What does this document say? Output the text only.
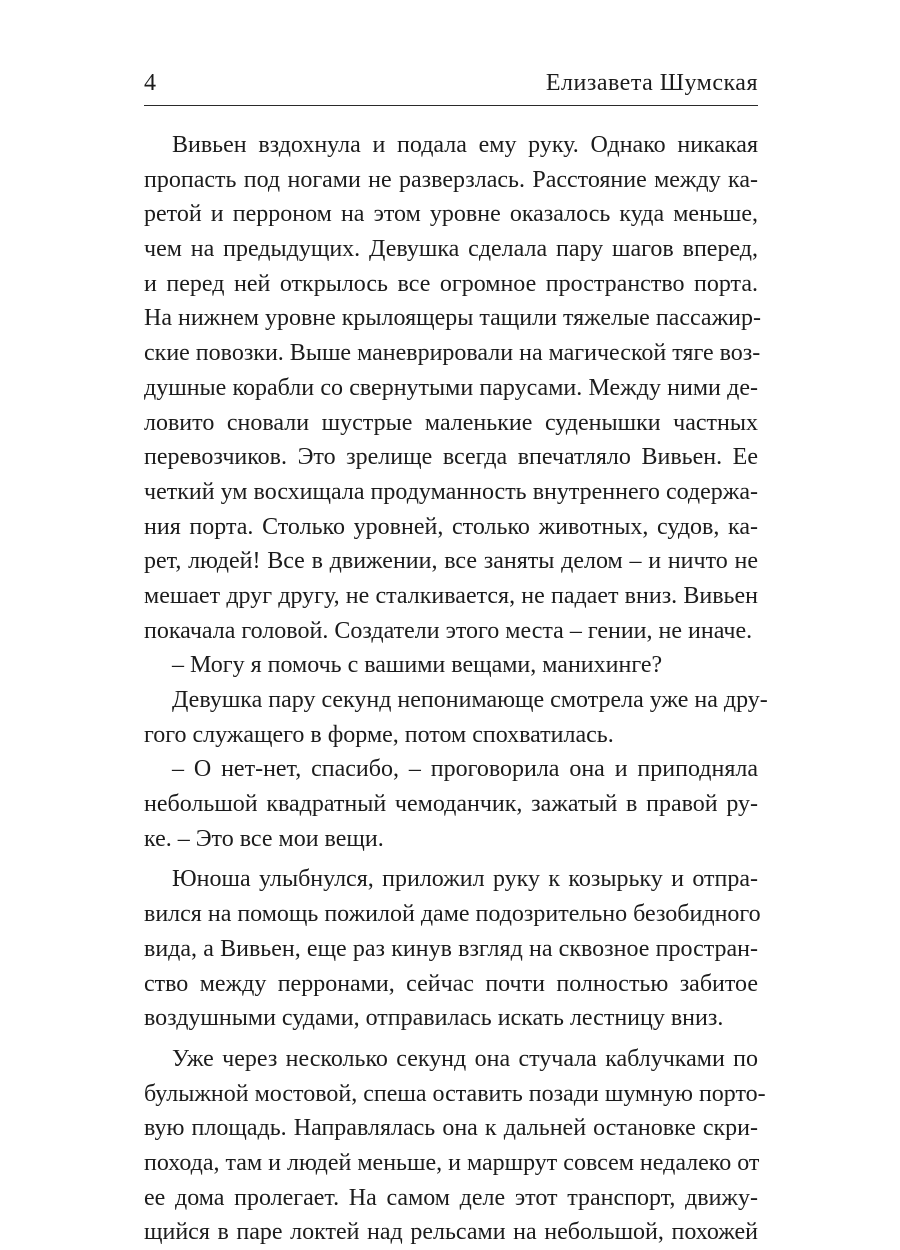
4	Елизавета Шумская
Вивьен вздохнула и подала ему руку. Однако никакая
пропасть под ногами не разверзлась. Расстояние между ка-
ретой и перроном на этом уровне оказалось куда меньше,
чем на предыдущих. Девушка сделала пару шагов вперед,
и перед ней открылось все огромное пространство порта.
На нижнем уровне крылоящеры тащили тяжелые пассажир-
ские повозки. Выше маневрировали на магической тяге воз-
душные корабли со свернутыми парусами. Между ними де-
ловито сновали шустрые маленькие суденышки частных
перевозчиков. Это зрелище всегда впечатляло Вивьен. Ее
четкий ум восхищала продуманность внутреннего содержа-
ния порта. Столько уровней, столько животных, судов, ка-
рет, людей! Все в движении, все заняты делом – и ничто не
мешает друг другу, не сталкивается, не падает вниз. Вивьен
покачала головой. Создатели этого места – гении, не иначе.
– Могу я помочь с вашими вещами, манихинге?
Девушка пару секунд непонимающе смотрела уже на дру-
гого служащего в форме, потом спохватилась.
– О нет-нет, спасибо, – проговорила она и приподняла
небольшой квадратный чемоданчик, зажатый в правой ру-
ке. – Это все мои вещи.
Юноша улыбнулся, приложил руку к козырьку и отпра-
вился на помощь пожилой даме подозрительно безобидного
вида, а Вивьен, еще раз кинув взгляд на сквозное простран-
ство между перронами, сейчас почти полностью забитое
воздушными судами, отправилась искать лестницу вниз.
Уже через несколько секунд она стучала каблучками по
булыжной мостовой, спеша оставить позади шумную порто-
вую площадь. Направлялась она к дальней остановке скри-
похода, там и людей меньше, и маршрут совсем недалеко от
ее дома пролегает. На самом деле этот транспорт, движу-
щийся в паре локтей над рельсами на небольшой, похожей
